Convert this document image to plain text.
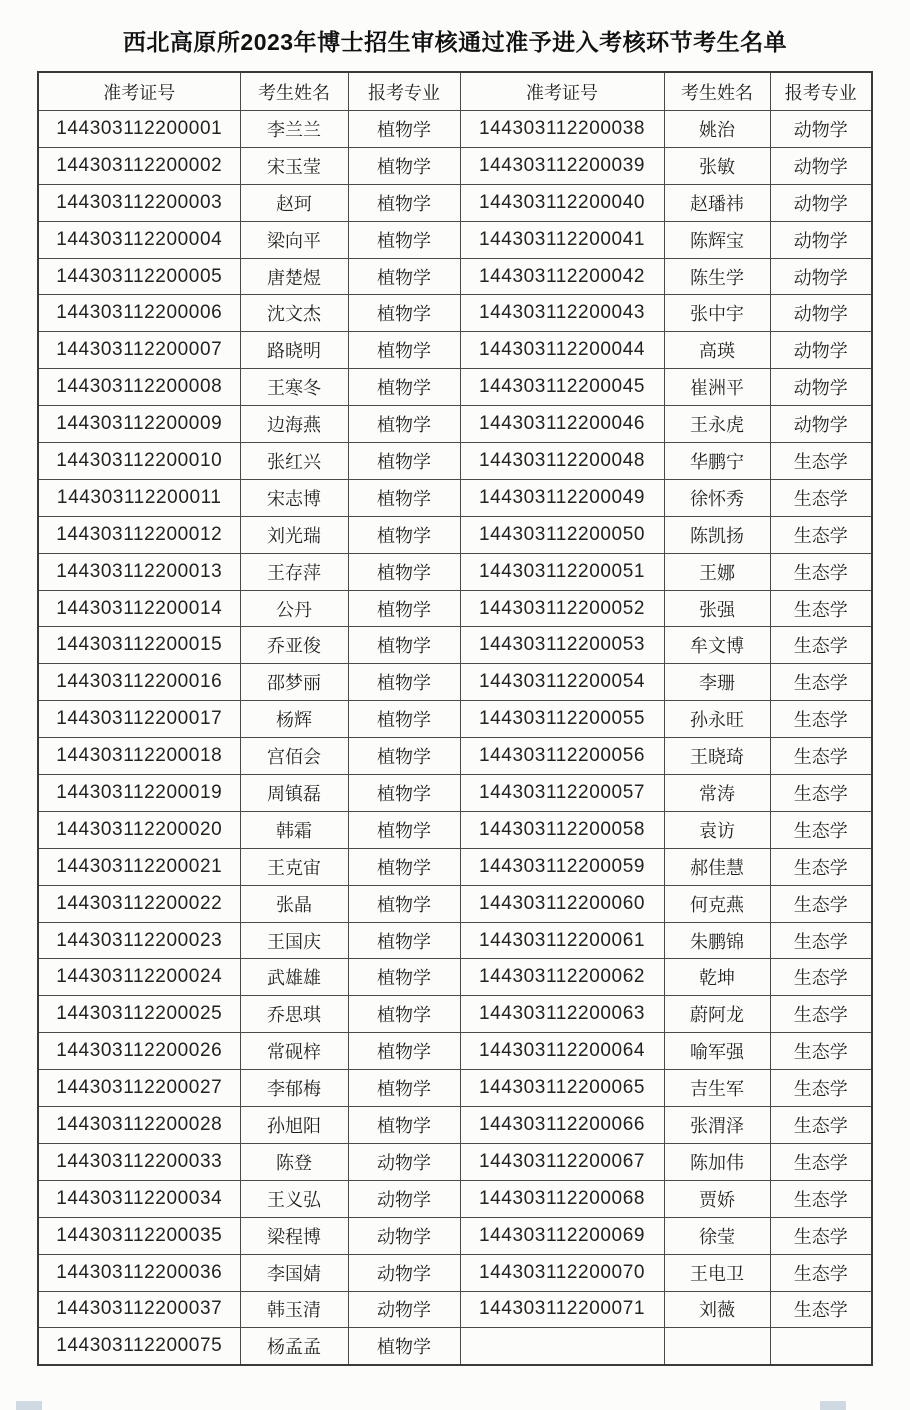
西北高原所2023年博士招生审核通过准予进入考核环节考生名单
准考证号	考生姓名	报考专业	准考证号	考生姓名	报考专业
144303112200001	李兰兰	植物学	144303112200038	姚治	动物学
144303112200002	宋玉莹	植物学	144303112200039	张敏	动物学
144303112200003	赵珂	植物学	144303112200040	赵璠祎	动物学
144303112200004	梁向平	植物学	144303112200041	陈辉宝	动物学
144303112200005	唐楚煜	植物学	144303112200042	陈生学	动物学
144303112200006	沈文杰	植物学	144303112200043	张中宇	动物学
144303112200007	路晓明	植物学	144303112200044	高瑛	动物学
144303112200008	王寒冬	植物学	144303112200045	崔洲平	动物学
144303112200009	边海燕	植物学	144303112200046	王永虎	动物学
144303112200010	张红兴	植物学	144303112200048	华鹏宁	生态学
144303112200011	宋志博	植物学	144303112200049	徐怀秀	生态学
144303112200012	刘光瑞	植物学	144303112200050	陈凯扬	生态学
144303112200013	王存萍	植物学	144303112200051	王娜	生态学
144303112200014	公丹	植物学	144303112200052	张强	生态学
144303112200015	乔亚俊	植物学	144303112200053	牟文博	生态学
144303112200016	邵梦丽	植物学	144303112200054	李珊	生态学
144303112200017	杨辉	植物学	144303112200055	孙永旺	生态学
144303112200018	宫佰会	植物学	144303112200056	王晓琦	生态学
144303112200019	周镇磊	植物学	144303112200057	常涛	生态学
144303112200020	韩霜	植物学	144303112200058	袁访	生态学
144303112200021	王克宙	植物学	144303112200059	郝佳慧	生态学
144303112200022	张晶	植物学	144303112200060	何克燕	生态学
144303112200023	王国庆	植物学	144303112200061	朱鹏锦	生态学
144303112200024	武雄雄	植物学	144303112200062	乾坤	生态学
144303112200025	乔思琪	植物学	144303112200063	蔚阿龙	生态学
144303112200026	常砚梓	植物学	144303112200064	喻军强	生态学
144303112200027	李郁梅	植物学	144303112200065	吉生军	生态学
144303112200028	孙旭阳	植物学	144303112200066	张渭泽	生态学
144303112200033	陈登	动物学	144303112200067	陈加伟	生态学
144303112200034	王义弘	动物学	144303112200068	贾娇	生态学
144303112200035	梁程博	动物学	144303112200069	徐莹	生态学
144303112200036	李国婧	动物学	144303112200070	王电卫	生态学
144303112200037	韩玉清	动物学	144303112200071	刘薇	生态学
144303112200075	杨孟孟	植物学			
